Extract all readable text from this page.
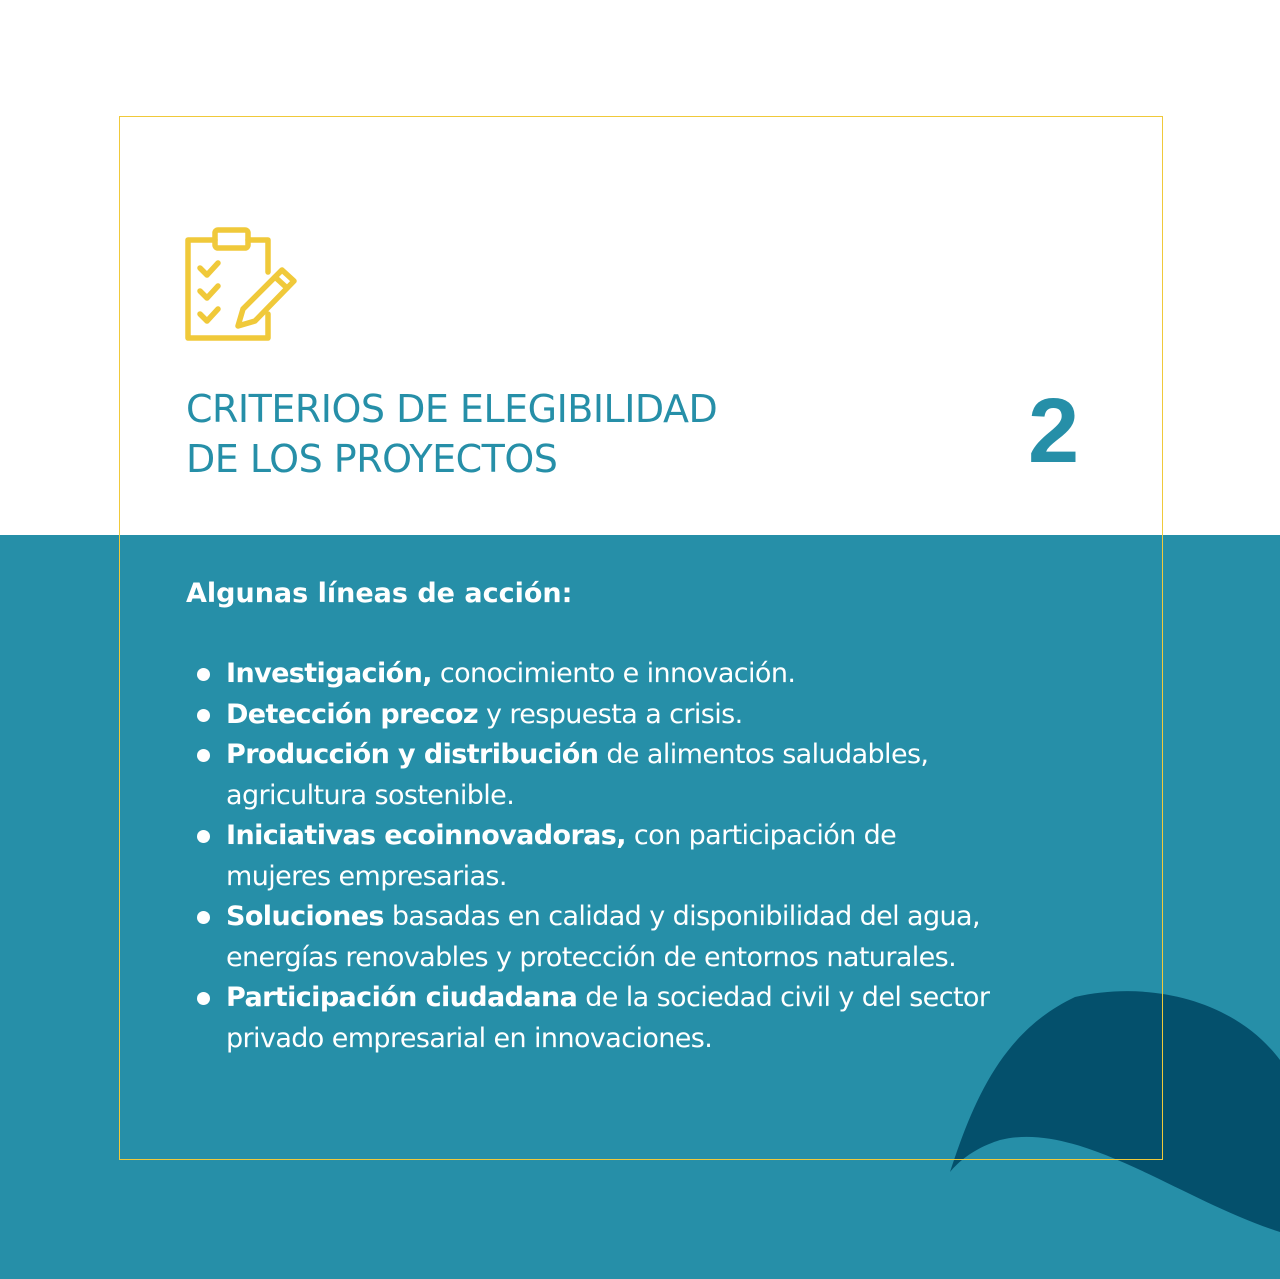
CRITERIOS DE ELEGIBILIDAD
DE LOS PROYECTOS	2

Algunas líneas de acción:

Investigación, conocimiento e innovación.
Detección precoz y respuesta a crisis.
Producción y distribución de alimentos saludables, agricultura sostenible.
Iniciativas ecoinnovadoras, con participación de mujeres empresarias.
Soluciones basadas en calidad y disponibilidad del agua, energías renovables y protección de entornos naturales.
Participación ciudadana de la sociedad civil y del sector privado empresarial en innovaciones.
